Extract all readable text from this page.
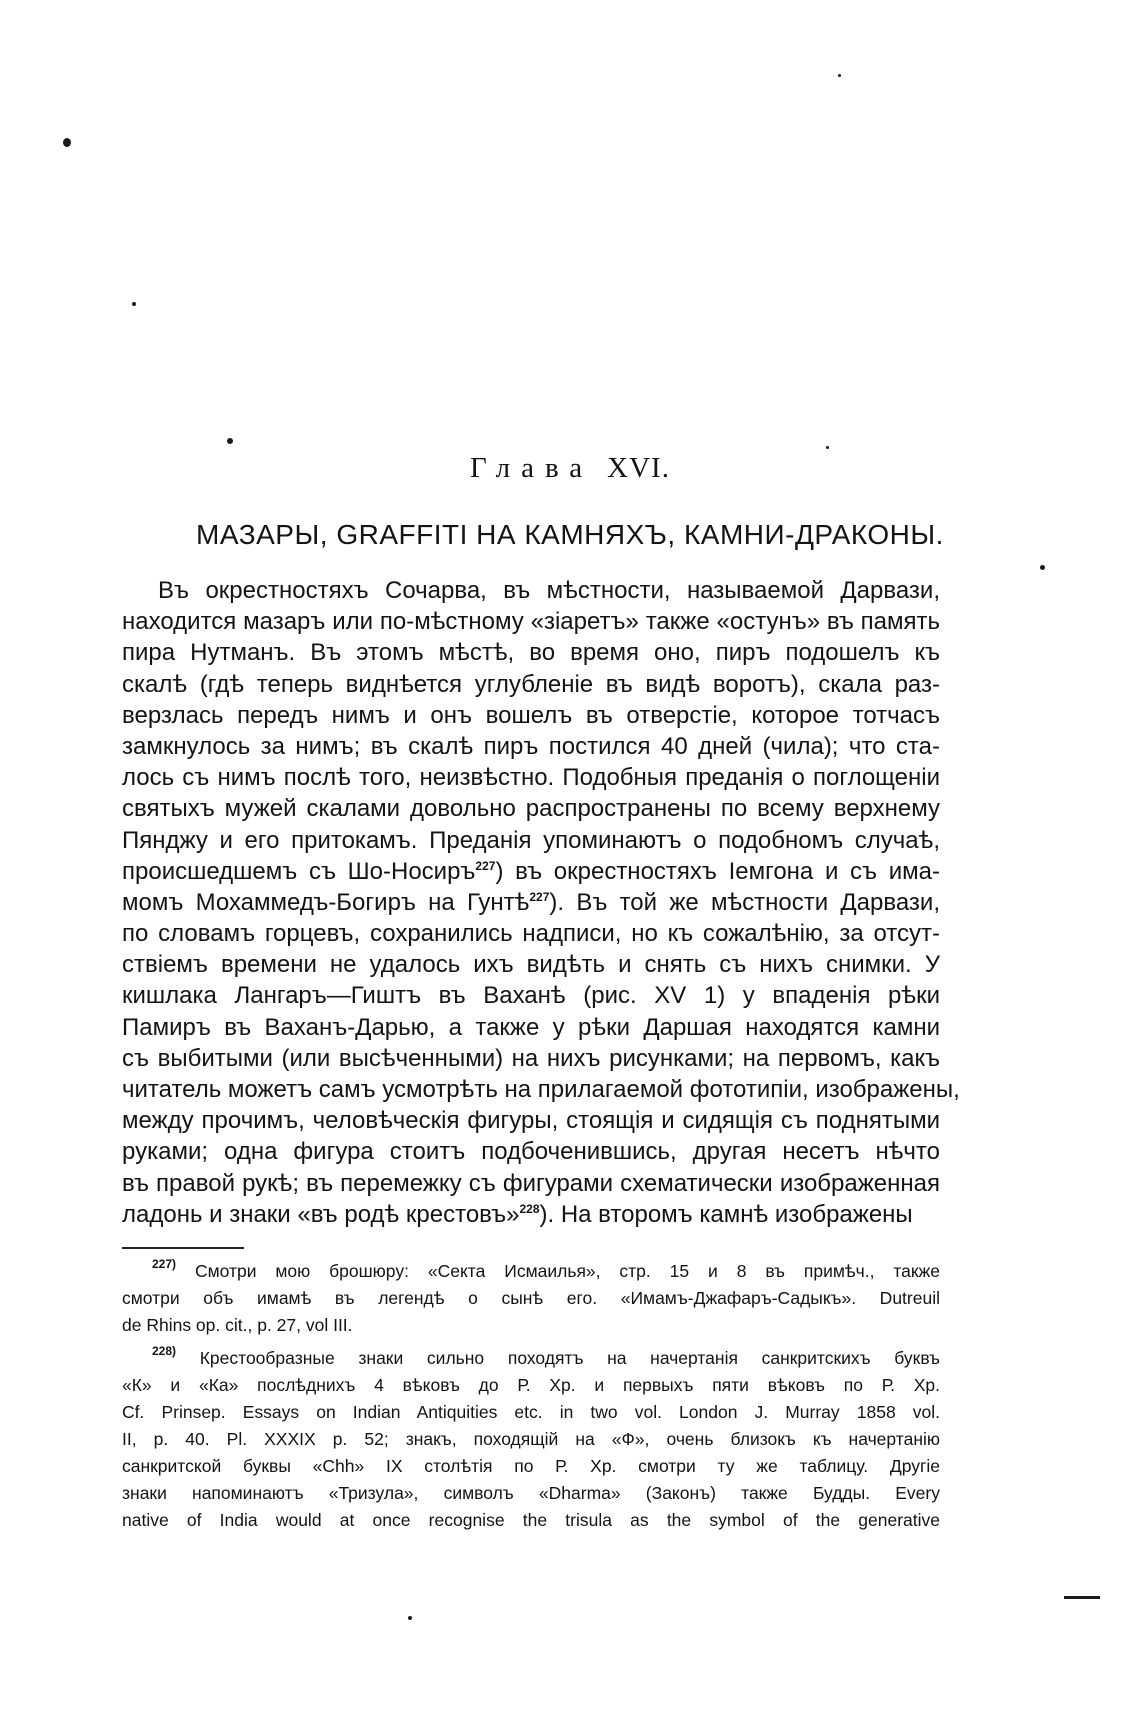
Глава XVI.
МАЗАРЫ, GRAFFITI НА КАМНЯХЪ, КАМНИ-ДРАКОНЫ.
Въ окрестностяхъ Сочарва, въ мѣстности, называемой Дарвази,
находится мазаръ или по-мѣстному «зіаретъ» также «остунъ» въ память
пира Нутманъ. Въ этомъ мѣстѣ, во время оно, пиръ подошелъ къ
скалѣ (гдѣ теперь виднѣется углубленіе въ видѣ воротъ), скала раз-
верзлась передъ нимъ и онъ вошелъ въ отверстіе, которое тотчасъ
замкнулось за нимъ; въ скалѣ пиръ постился 40 дней (чила); что ста-
лось съ нимъ послѣ того, неизвѣстно. Подобныя преданія о поглощеніи
святыхъ мужей скалами довольно распространены по всему верхнему
Пянджу и его притокамъ. Преданія упоминаютъ о подобномъ случаѣ,
происшедшемъ съ Шо-Носиръ$^{227}$) въ окрестностяхъ Iемгона и съ има-
момъ Мохаммедъ-Богиръ на Гунтѣ$^{227}$). Въ той же мѣстности Дарвази,
по словамъ горцевъ, сохранились надписи, но къ сожалѣнію, за отсут-
ствіемъ времени не удалось ихъ видѣть и снять съ нихъ снимки. У
кишлака Лангаръ—Гиштъ въ Ваханѣ (рис. XV 1) у впаденія рѣки
Памиръ въ Ваханъ-Дарью, а также у рѣки Даршая находятся камни
съ выбитыми (или высѣченными) на нихъ рисунками; на первомъ, какъ
читатель можетъ самъ усмотрѣть на прилагаемой фототипіи, изображены,
между прочимъ, человѣческія фигуры, стоящія и сидящія съ поднятыми
руками; одна фигура стоитъ подбоченившись, другая несетъ нѣчто
въ правой рукѣ; въ перемежку съ фигурами схематически изображенная
ладонь и знаки «въ родѣ крестовъ»$^{228}$). На второмъ камнѣ изображены
$^{227)}$ Смотри мою брошюру: «Секта Исмаилья», стр. 15 и 8 въ примѣч., также
смотри объ имамѣ въ легендѣ о сынѣ его. «Имамъ-Джафаръ-Садыкъ». Dutreuil
de Rhins op. cit., p. 27, vol III.
$^{228)}$ Крестообразные знаки сильно походятъ на начертанія санкритскихъ буквъ
«К» и «Ка» послѣднихъ 4 вѣковъ до Р. Хр. и первыхъ пяти вѣковъ по Р. Хр.
Cf. Prinsep. Essays on Indian Antiquities etc. in two vol. London J. Murray 1858 vol.
II, p. 40. Pl. XXXIX p. 52; знакъ, походящій на «Ф», очень близокъ къ начертанію
санкритской буквы «Chh» IX столѣтія по Р. Хр. смотри ту же таблицу. Другіе
знаки напоминаютъ «Тризула», символъ «Dharma» (Законъ) также Будды. Every
native of India would at once recognise the trisula as the symbol of the generative
